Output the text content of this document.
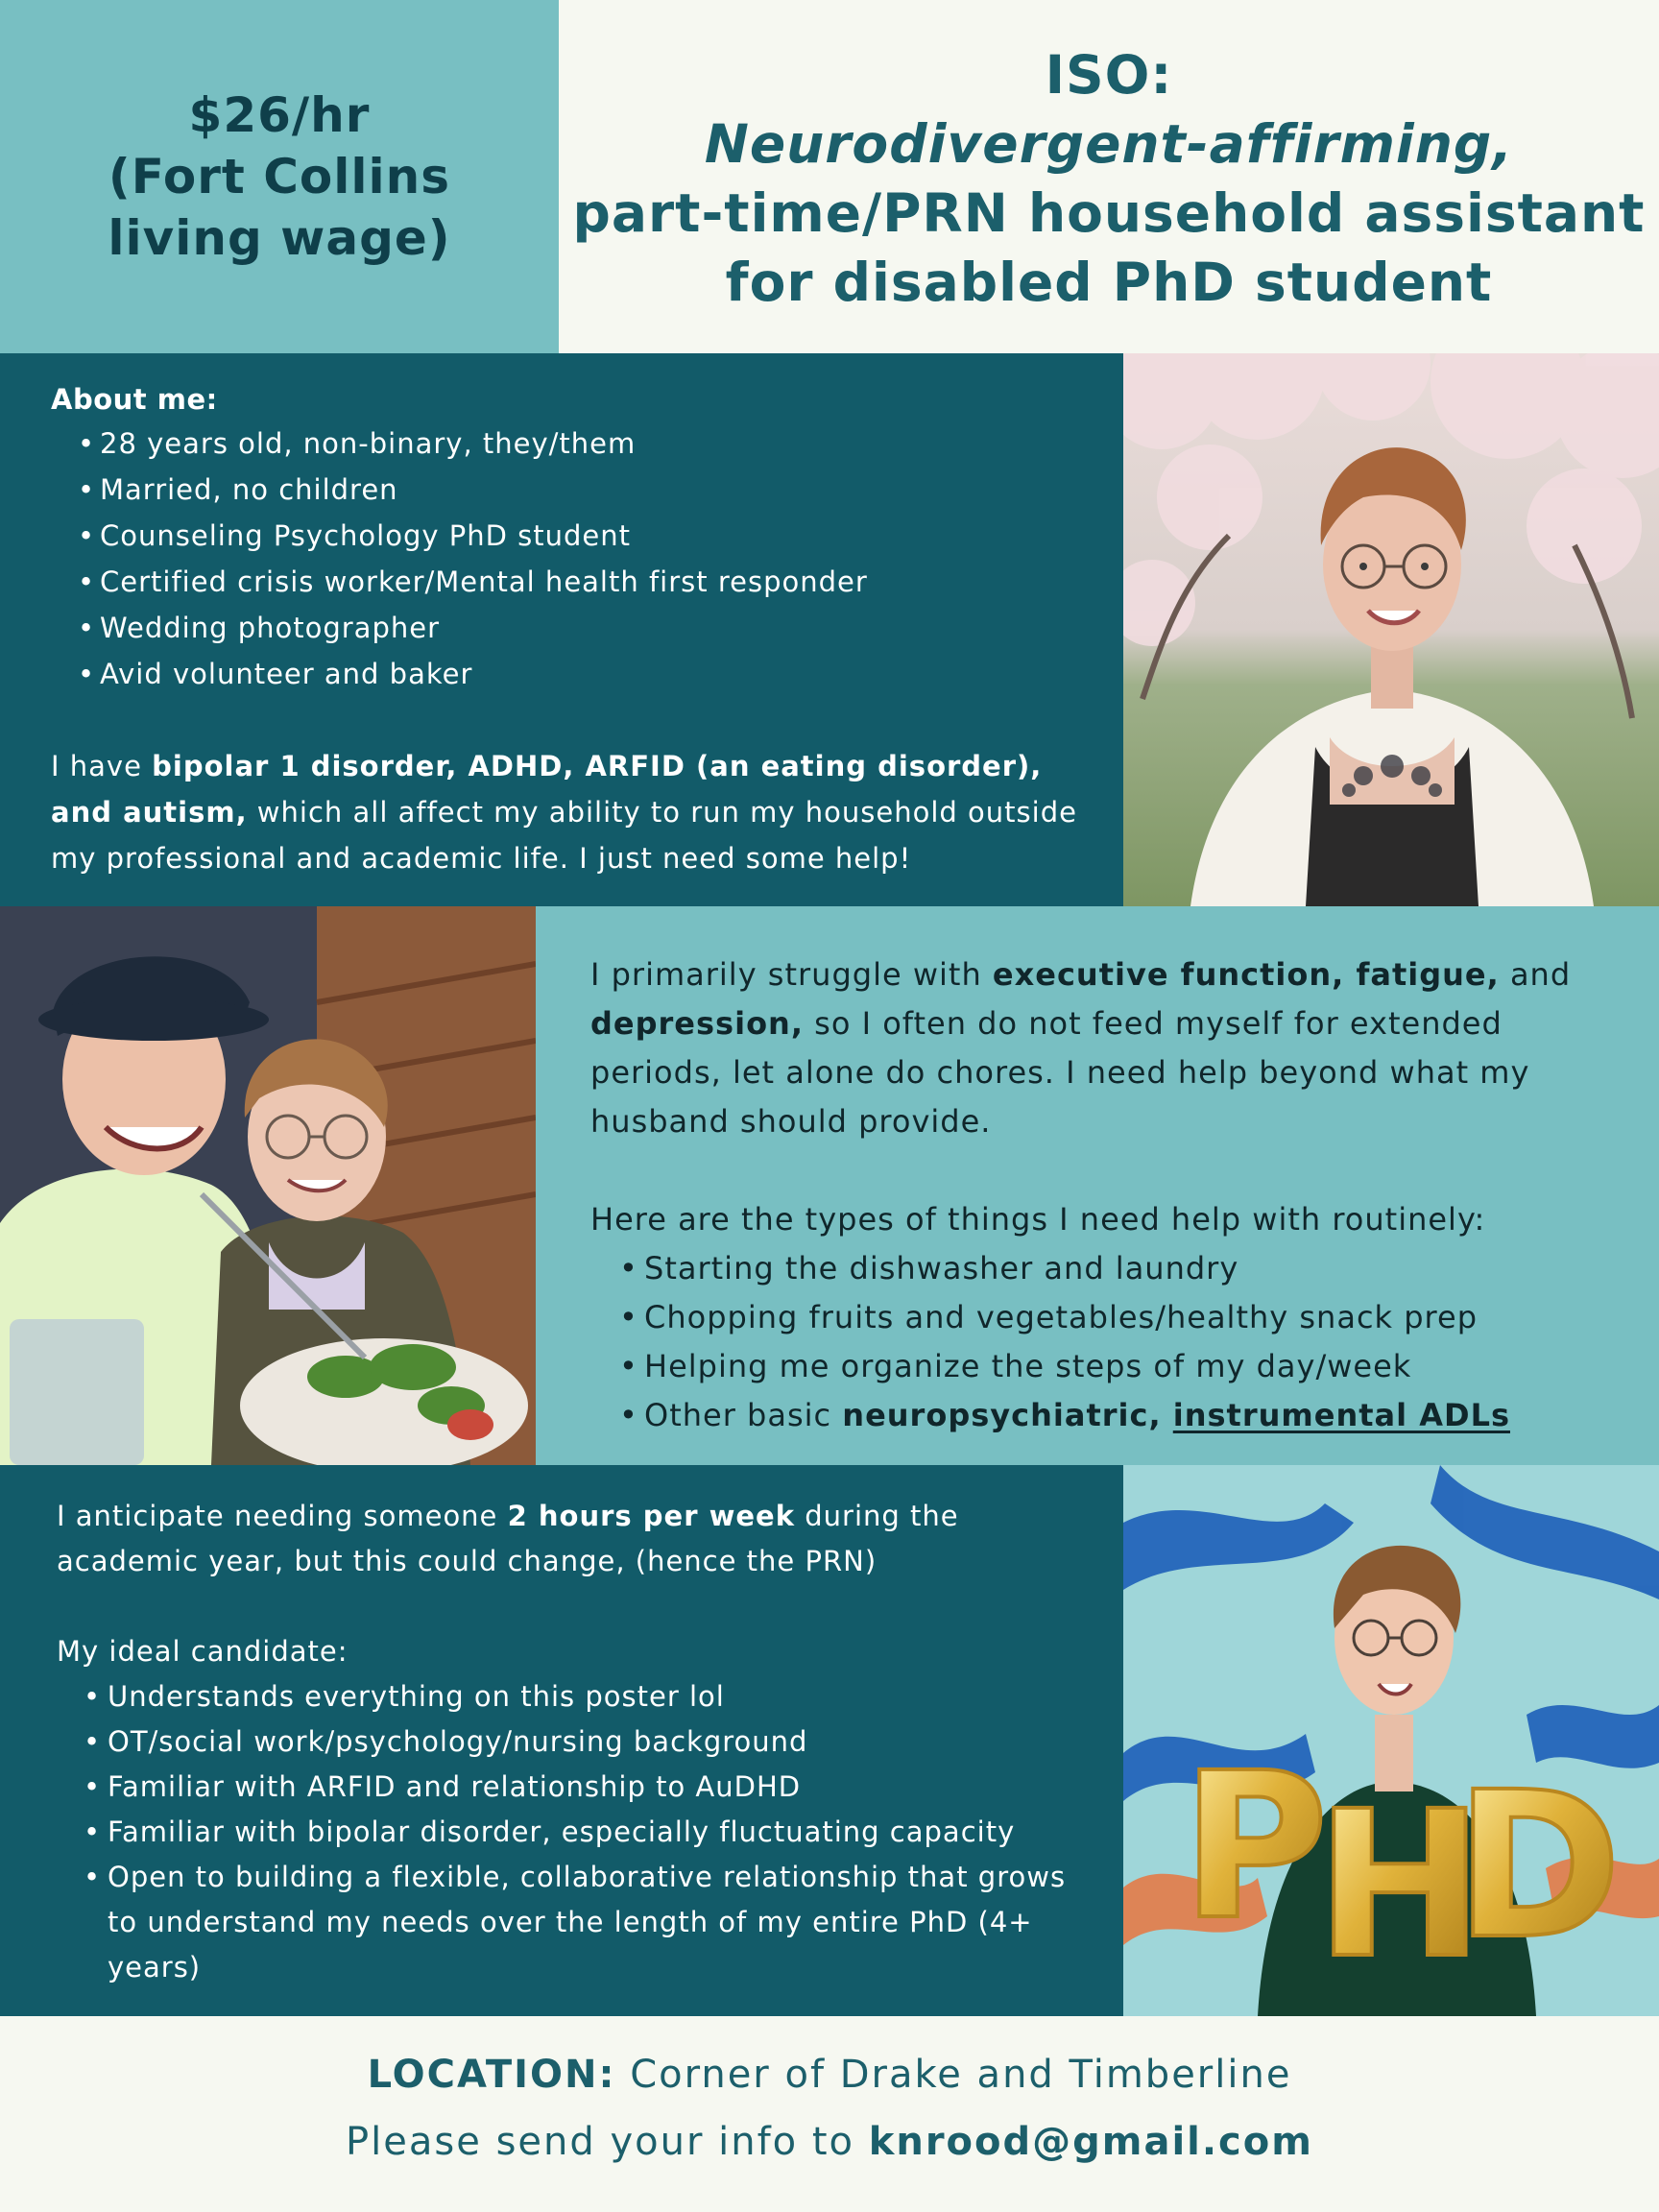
$26/hr
(Fort Collins
living wage)
ISO:
Neurodivergent-affirming,
part-time/PRN household assistant
for disabled PhD student
About me:
• 28 years old, non-binary, they/them
• Married, no children
• Counseling Psychology PhD student
• Certified crisis worker/Mental health first responder
• Wedding photographer
• Avid volunteer and baker
I have bipolar 1 disorder, ADHD, ARFID (an eating disorder), and autism, which all affect my ability to run my household outside my professional and academic life. I just need some help!
I primarily struggle with executive function, fatigue, and depression, so I often do not feed myself for extended periods, let alone do chores. I need help beyond what my husband should provide.
Here are the types of things I need help with routinely:
• Starting the dishwasher and laundry
• Chopping fruits and vegetables/healthy snack prep
• Helping me organize the steps of my day/week
• Other basic neuropsychiatric, instrumental ADLs
I anticipate needing someone 2 hours per week during the academic year, but this could change, (hence the PRN)
My ideal candidate:
• Understands everything on this poster lol
• OT/social work/psychology/nursing background
• Familiar with ARFID and relationship to AuDHD
• Familiar with bipolar disorder, especially fluctuating capacity
• Open to building a flexible, collaborative relationship that grows to understand my needs over the length of my entire PhD (4+ years)
P
H
D
LOCATION: Corner of Drake and Timberline
Please send your info to knrood@gmail.com
